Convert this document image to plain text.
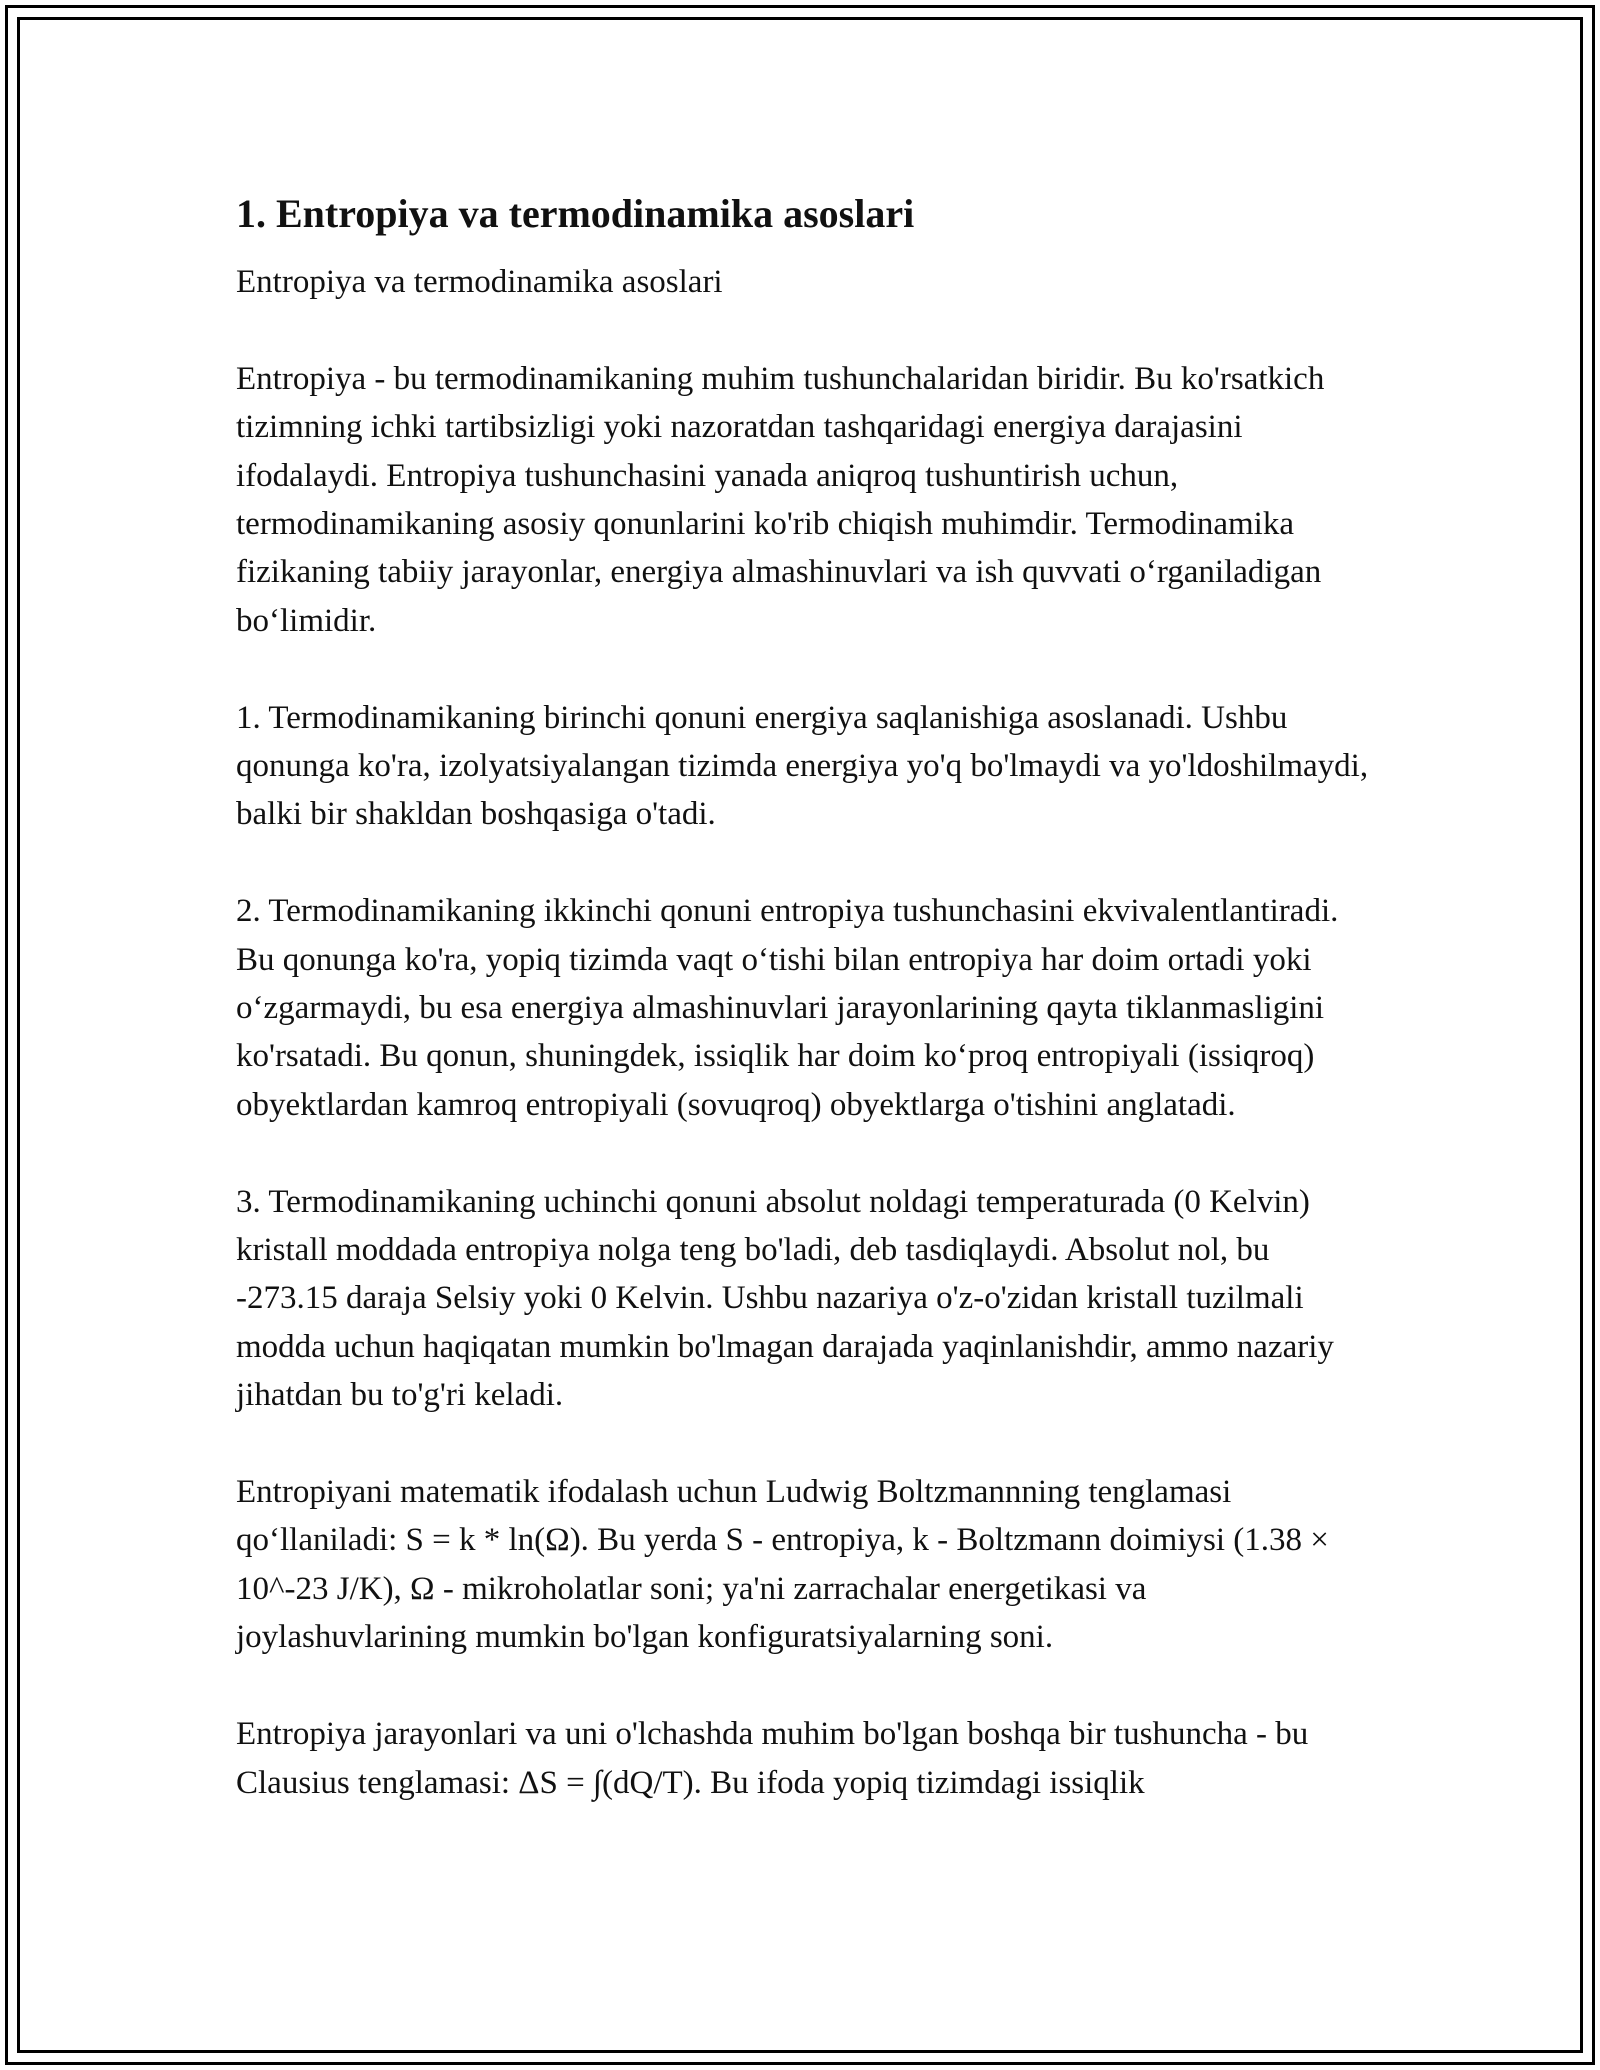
1. Entropiya va termodinamika asoslari

Entropiya va termodinamika asoslari

Entropiya - bu termodinamikaning muhim tushunchalaridan biridir. Bu ko'rsatkich tizimning ichki tartibsizligi yoki nazoratdan tashqaridagi energiya darajasini ifodalaydi. Entropiya tushunchasini yanada aniqroq tushuntirish uchun, termodinamikaning asosiy qonunlarini ko'rib chiqish muhimdir. Termodinamika fizikaning tabiiy jarayonlar, energiya almashinuvlari va ish quvvati o‘rganiladigan bo‘limidir.

1. Termodinamikaning birinchi qonuni energiya saqlanishiga asoslanadi. Ushbu qonunga ko'ra, izolyatsiyalangan tizimda energiya yo'q bo'lmaydi va yo'ldoshilmaydi, balki bir shakldan boshqasiga o'tadi.

2. Termodinamikaning ikkinchi qonuni entropiya tushunchasini ekvivalentlantiradi. Bu qonunga ko'ra, yopiq tizimda vaqt o‘tishi bilan entropiya har doim ortadi yoki o‘zgarmaydi, bu esa energiya almashinuvlari jarayonlarining qayta tiklanmasligini ko'rsatadi. Bu qonun, shuningdek, issiqlik har doim ko‘proq entropiyali (issiqroq) obyektlardan kamroq entropiyali (sovuqroq) obyektlarga o'tishini anglatadi.

3. Termodinamikaning uchinchi qonuni absolut noldagi temperaturada (0 Kelvin) kristall moddada entropiya nolga teng bo'ladi, deb tasdiqlaydi. Absolut nol, bu -273.15 daraja Selsiy yoki 0 Kelvin. Ushbu nazariya o'z-o'zidan kristall tuzilmali modda uchun haqiqatan mumkin bo'lmagan darajada yaqinlanishdir, ammo nazariy jihatdan bu to'g'ri keladi.

Entropiyani matematik ifodalash uchun Ludwig Boltzmannning tenglamasi qo‘llaniladi: S = k * ln(Ω). Bu yerda S - entropiya, k - Boltzmann doimiysi (1.38 × 10^-23 J/K), Ω - mikroholatlar soni; ya'ni zarrachalar energetikasi va joylashuvlarining mumkin bo'lgan konfiguratsiyalarning soni.

Entropiya jarayonlari va uni o'lchashda muhim bo'lgan boshqa bir tushuncha - bu Clausius tenglamasi: ΔS = ∫(dQ/T). Bu ifoda yopiq tizimdagi issiqlik
